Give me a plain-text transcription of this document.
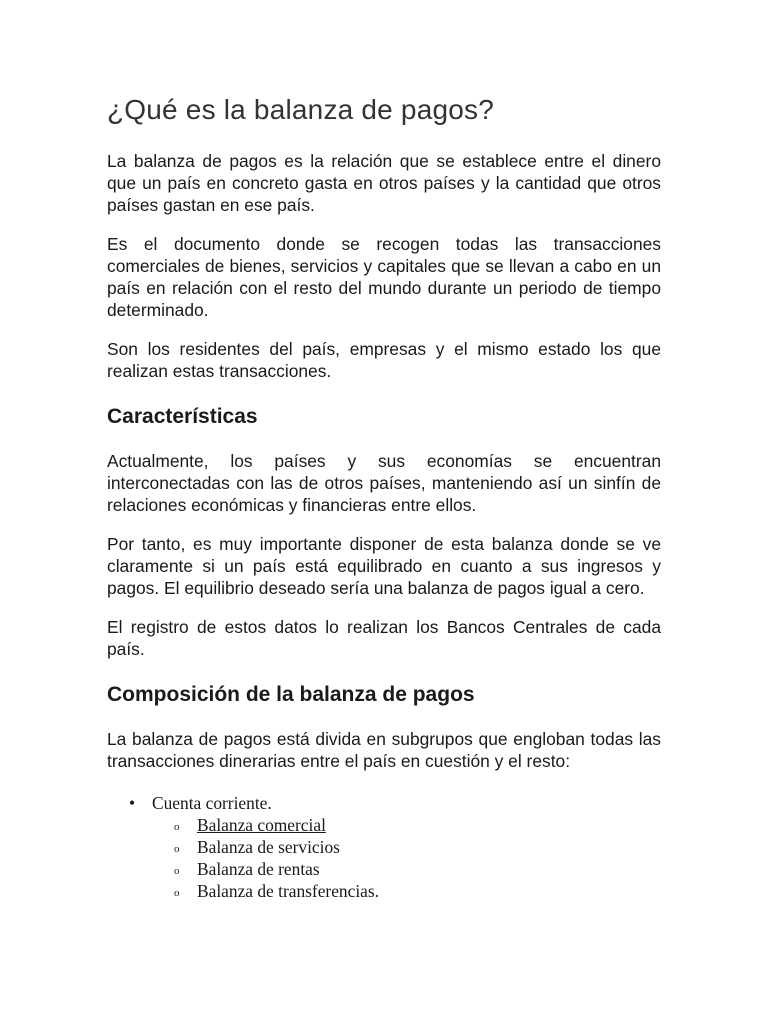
¿Qué es la balanza de pagos?

La balanza de pagos es la relación que se establece entre el dinero que un país en concreto gasta en otros países y la cantidad que otros países gastan en ese país.

Es el documento donde se recogen todas las transacciones comerciales de bienes, servicios y capitales que se llevan a cabo en un país en relación con el resto del mundo durante un periodo de tiempo determinado.

Son los residentes del país, empresas y el mismo estado los que realizan estas transacciones.

Características

Actualmente, los países y sus economías se encuentran interconectadas con las de otros países, manteniendo así un sinfín de relaciones económicas y financieras entre ellos.

Por tanto, es muy importante disponer de esta balanza donde se ve claramente si un país está equilibrado en cuanto a sus ingresos y pagos. El equilibrio deseado sería una balanza de pagos igual a cero.

El registro de estos datos lo realizan los Bancos Centrales de cada país.

Composición de la balanza de pagos

La balanza de pagos está divida en subgrupos que engloban todas las transacciones dinerarias entre el país en cuestión y el resto:

• Cuenta corriente.
o Balanza comercial
o Balanza de servicios
o Balanza de rentas
o Balanza de transferencias.
